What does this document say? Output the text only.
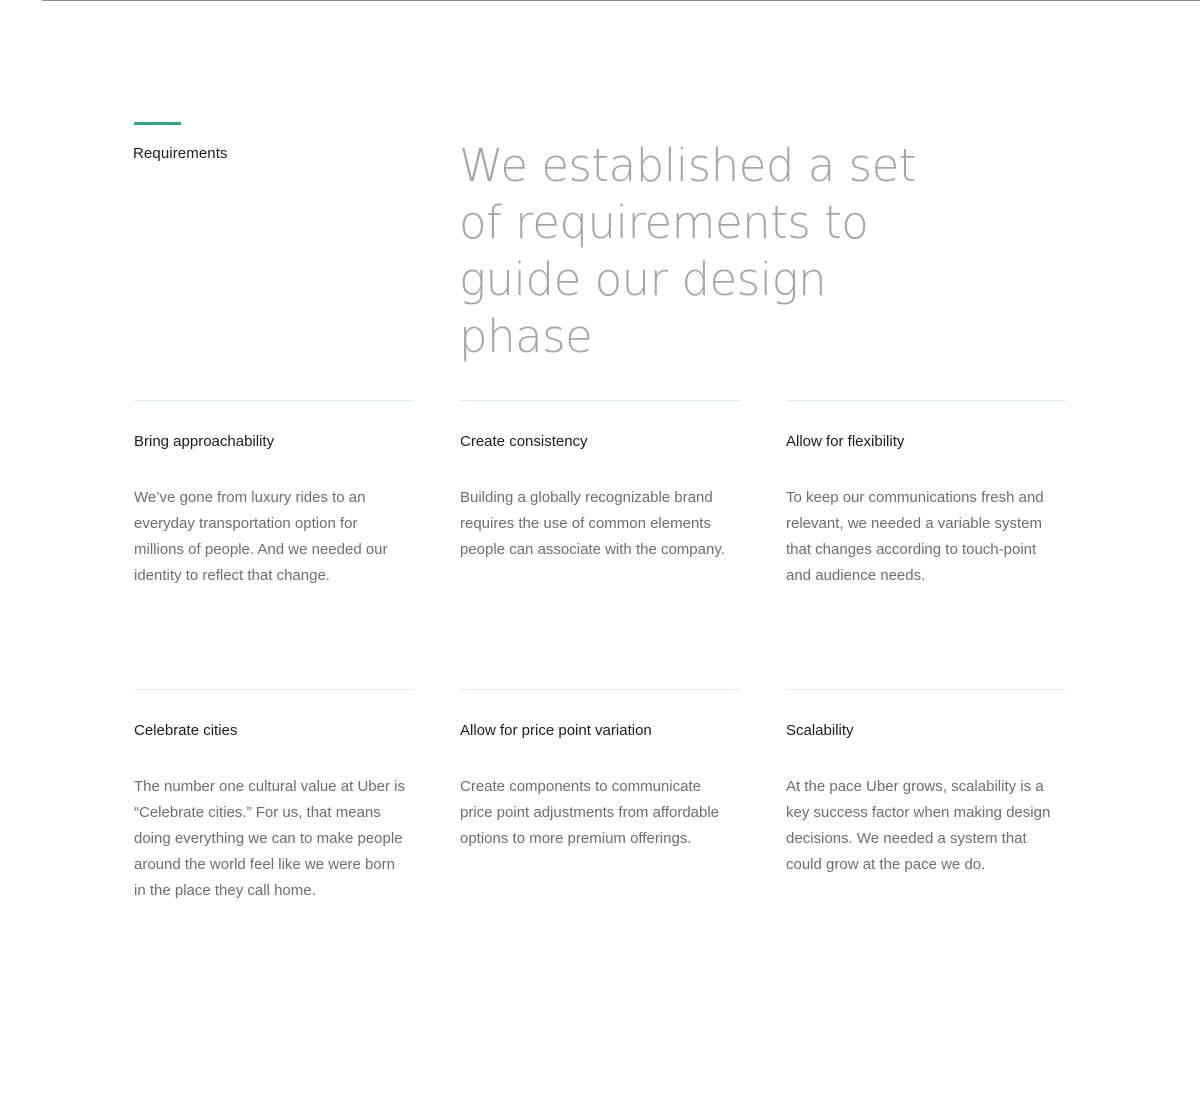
Requirements	We established a set of requirements to guide our design phase
Bring approachability
We’ve gone from luxury rides to an everyday transportation option for millions of people. And we needed our identity to reflect that change.
Create consistency
Building a globally recognizable brand requires the use of common elements people can associate with the company.
Allow for flexibility
To keep our communications fresh and relevant, we needed a variable system that changes according to touch-point and audience needs.
Celebrate cities
The number one cultural value at Uber is “Celebrate cities.” For us, that means doing everything we can to make people around the world feel like we were born in the place they call home.
Allow for price point variation
Create components to communicate price point adjustments from affordable options to more premium offerings.
Scalability
At the pace Uber grows, scalability is a key success factor when making design decisions. We needed a system that could grow at the pace we do.
